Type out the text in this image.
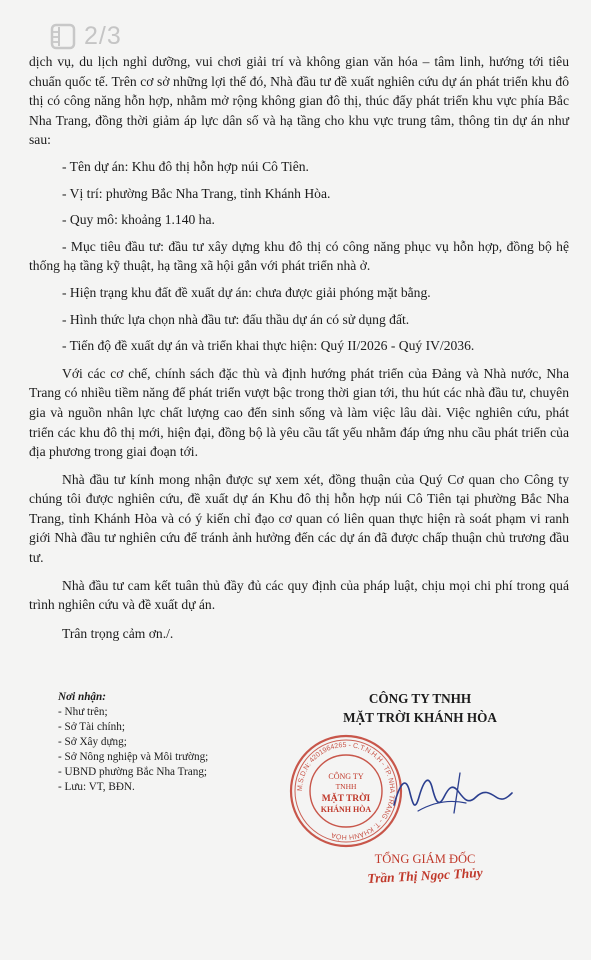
2/3

dịch vụ, du lịch nghỉ dưỡng, vui chơi giải trí và không gian văn hóa – tâm linh, hướng tới tiêu chuẩn quốc tế. Trên cơ sở những lợi thế đó, Nhà đầu tư đề xuất nghiên cứu dự án phát triển khu đô thị có công năng hỗn hợp, nhằm mở rộng không gian đô thị, thúc đẩy phát triển khu vực phía Bắc Nha Trang, đồng thời giảm áp lực dân số và hạ tầng cho khu vực trung tâm, thông tin dự án như sau:

- Tên dự án: Khu đô thị hỗn hợp núi Cô Tiên.

- Vị trí: phường Bắc Nha Trang, tỉnh Khánh Hòa.

- Quy mô: khoảng 1.140 ha.

- Mục tiêu đầu tư: đầu tư xây dựng khu đô thị có công năng phục vụ hỗn hợp, đồng bộ hệ thống hạ tầng kỹ thuật, hạ tầng xã hội gắn với phát triển nhà ở.

- Hiện trạng khu đất đề xuất dự án: chưa được giải phóng mặt bằng.

- Hình thức lựa chọn nhà đầu tư: đấu thầu dự án có sử dụng đất.

- Tiến độ đề xuất dự án và triển khai thực hiện: Quý II/2026 - Quý IV/2036.

Với các cơ chế, chính sách đặc thù và định hướng phát triển của Đảng và Nhà nước, Nha Trang có nhiều tiềm năng để phát triển vượt bậc trong thời gian tới, thu hút các nhà đầu tư, chuyên gia và nguồn nhân lực chất lượng cao đến sinh sống và làm việc lâu dài. Việc nghiên cứu, phát triển các khu đô thị mới, hiện đại, đồng bộ là yêu cầu tất yếu nhằm đáp ứng nhu cầu phát triển của địa phương trong giai đoạn tới.

Nhà đầu tư kính mong nhận được sự xem xét, đồng thuận của Quý Cơ quan cho Công ty chúng tôi được nghiên cứu, đề xuất dự án Khu đô thị hỗn hợp núi Cô Tiên tại phường Bắc Nha Trang, tỉnh Khánh Hòa và có ý kiến chỉ đạo cơ quan có liên quan thực hiện rà soát phạm vi ranh giới Nhà đầu tư nghiên cứu để tránh ảnh hưởng đến các dự án đã được chấp thuận chủ trương đầu tư.

Nhà đầu tư cam kết tuân thủ đầy đủ các quy định của pháp luật, chịu mọi chi phí trong quá trình nghiên cứu và đề xuất dự án.

Trân trọng cảm ơn./.

Nơi nhận:
- Như trên;
- Sở Tài chính;
- Sở Xây dựng;
- Sở Nông nghiệp và Môi trường;
- UBND phường Bắc Nha Trang;
- Lưu: VT, BĐN.
CÔNG TY TNHH
MẶT TRỜI KHÁNH HÒA
M.S.D.N: 4201964265 - C.T.N.H.H - TP. NHA TRANG - T. KHÁNH HÒA
CÔNG TY
TNHH
MẶT TRỜI
KHÁNH HÒA
TỔNG GIÁM ĐỐC
Trần Thị Ngọc Thủy
